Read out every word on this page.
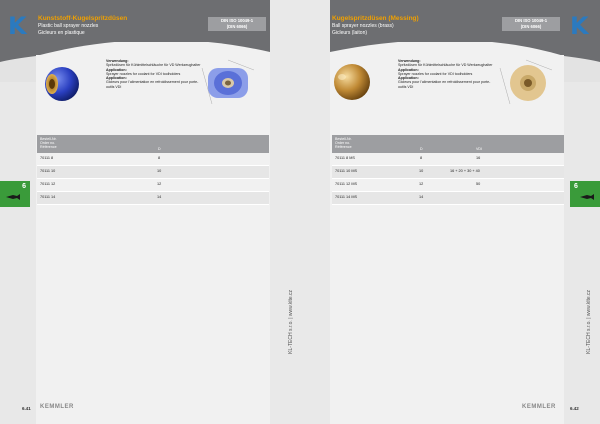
K	Kunststoff-Kugelspritzdüsen
Plastic ball sprayer nozzles
Gicleurs en plastique
DIN ISO 10049-1
(DIN 6066)
Verwendung:
Spritzdüsen für Kühlmittelschläuche für VD Werkzeughalter
Application:
Sprayer nozzles for coolant for VDI toolholders
Application:
Gicleurs pour l'alimentation en refroidissement pour porte-outils VDI
Bestell-Nr.
Order no.
Référence	D
70111 8	8
70111 10	10
70111 12	12
70111 14	14
6
KL-TECH s.r.o. | www.klte.cz
6.41 KEMMLER
K
Kugelspritzdüsen (Messing)
Ball sprayer nozzles (brass)
Gicleurs (laiton)
DIN ISO 10049-1
(DIN 6066)
Verwendung:
Spritzdüsen für Kühlmittelschläuche für VD Werkzeughalter
Application:
Sprayer nozzles for coolant for VDI toolholders
Application:
Gicleurs pour l'alimentation en refroidissement pour porte-outils VDI
Bestell-Nr.
Order no.
Référence	D	VDI
70111 8 MS	8	16
70111 10 MS	10	16 + 20 + 30 + 40
70111 12 MS	12	50
70111 14 MS	14
6
KL-TECH s.r.o. | www.klte.cz
KEMMLER	6.42
